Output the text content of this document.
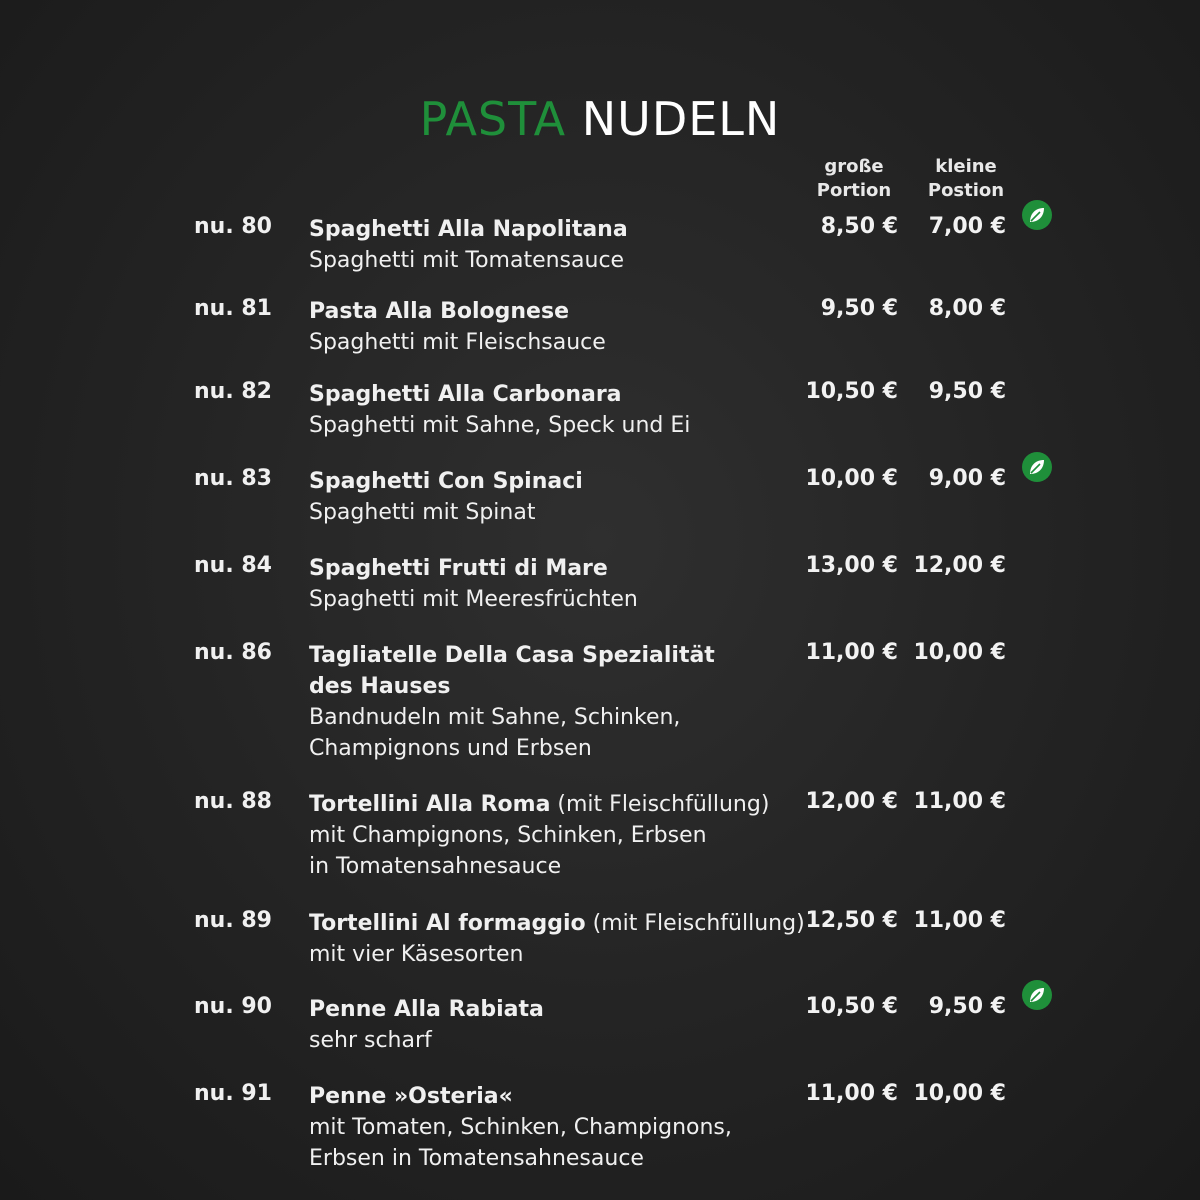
PASTA NUDELN
große
Portion
kleine
Postion
nu. 80 Spaghetti Alla Napolitana
Spaghetti mit Tomatensauce
8,50 € 7,00 €
nu. 81 Pasta Alla Bolognese
Spaghetti mit Fleischsauce
9,50 € 8,00 €
nu. 82 Spaghetti Alla Carbonara
Spaghetti mit Sahne, Speck und Ei
10,50 € 9,50 €
nu. 83 Spaghetti Con Spinaci
Spaghetti mit Spinat
10,00 € 9,00 €
nu. 84 Spaghetti Frutti di Mare
Spaghetti mit Meeresfrüchten
13,00 € 12,00 €
nu. 86 Tagliatelle Della Casa Spezialität
des Hauses
Bandnudeln mit Sahne, Schinken,
Champignons und Erbsen
11,00 € 10,00 €
nu. 88 Tortellini Alla Roma (mit Fleischfüllung)
mit Champignons, Schinken, Erbsen
in Tomatensahnesauce
12,00 € 11,00 €
nu. 89 Tortellini Al formaggio (mit Fleischfüllung)
mit vier Käsesorten
12,50 € 11,00 €
nu. 90 Penne Alla Rabiata
sehr scharf
10,50 € 9,50 €
nu. 91 Penne »Osteria«
mit Tomaten, Schinken, Champignons,
Erbsen in Tomatensahnesauce
11,00 € 10,00 €
